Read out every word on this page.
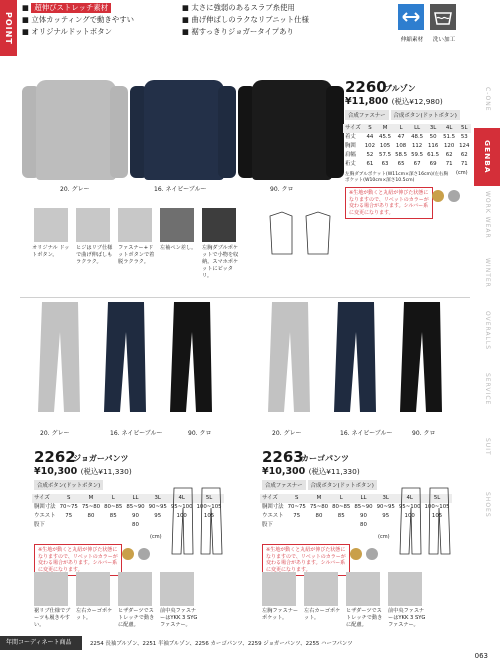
POINT
■ 超伸びストレッチ素材
■ 立体カッティングで動きやすい
■ オリジナルドットボタン
■ 太さに強弱のあるスラブ糸使用
■ 曲げ伸ばしのラクなリブニット仕様
■ 裾すっきりジョガータイプあり
伸縮素材 洗い加工
C-ONE
GENBA
WORK WEAR
WINTER
OVERALLS
SERVICE
SUIT
SHOES
20. グレー	16. ネイビーブルー	90. クロ
2260
ブルゾン
¥11,800 (税込¥12,980)
合成ファスナー 合成ボタン(ドットボタン)
サイズ	S	M	L	LL	3L	4L	5L
着丈	44	45.5	47	48.5	50	51.5	53
胸囲	102	105	108	112	116	120	124
肩幅	52	57.5	58.5	59.5	61.5	62	62
裄丈	61	63	65	67	69	71	71
(cm)
左胸ダブルポケット(W11cm×深さ16cm)/左右胸ポケット(W10cm×深さ10.5cm)
※生地が動くと丸紐が伸びた状態になりますので、リベットのカラーが変わる場合があります。シルバー系に変更になります。
オリジナル ドットボタン。
ヒジはリブ仕様で曲げ伸ばしもラクラク。
ファスナー+ドットボタンで着脱ラクラク。
左袖ペン差し。	左胸ダブルポケットで小物を収納。スマホポケットにピッタリ。
20. グレー	16. ネイビーブルー	90. クロ	20. グレー	16. ネイビーブルー	90. クロ
2262
ジョガーパンツ
¥10,300 (税込¥11,330)
合成ボタン(ドットボタン)
サイズ	S	M	L	LL	3L	4L	5L
胴囲寸法	70~75	75~80	80~85	85~90	90~95	95~100	100~105
ウエスト	75	80	85	90	95	100	105
股下				80			
(cm)
※生地が動くと丸紐が伸びた状態になりますので、リベットのカラーが変わる場合があります。シルバー系に変更になります。
2263
カーゴパンツ
¥10,300 (税込¥11,330)
合成ファスナー 合成ボタン(ドットボタン)
サイズ	S	M	L	LL	3L	4L	5L
胴囲寸法	70~75	75~80	80~85	85~90	90~95	95~100	100~105
ウエスト	75	80	85	90	95	100	105
股下				80			
(cm)
※生地が動くと丸紐が伸びた状態になりますので、リベットのカラーが変わる場合があります。シルバー系に変更になります。
裾リブ仕様でブーツも履きやすい。
左右カーゴポケット。
ヒザダーツでストレッチで動きに配慮。
前中央ファスナーはYKK 3 SYGファスナー。
左胸ファスナーポケット。
左右カーゴポケット。
ヒザダーツでストレッチで動きに配慮。
前中央ファスナーはYKK 3 SYGファスナー。
年間コーディネート商品	2254 長袖ブルゾン、2251 半袖ブルゾン、2256 カーゴパンツ、2259 ジョガーパンツ、2255 ハーフパンツ
063
